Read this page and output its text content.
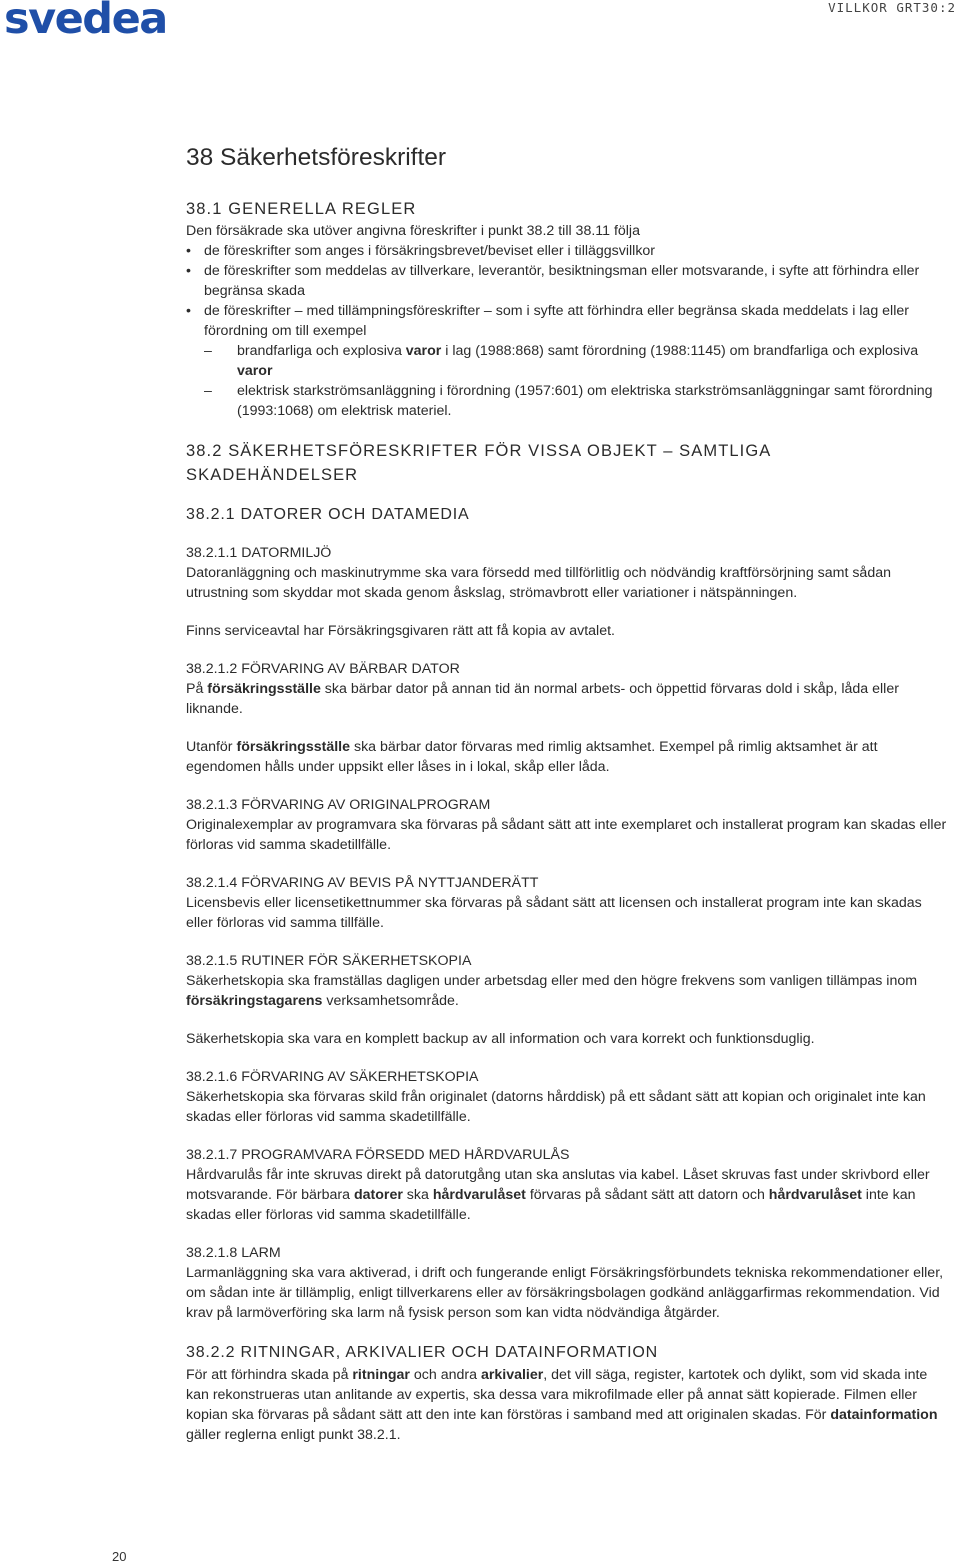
svedea	VILLKOR GRT30:2
38 Säkerhetsföreskrifter
38.1 GENERELLA REGLER

Den försäkrade ska utöver angivna föreskrifter i punkt 38.2 till 38.11 följa

• de föreskrifter som anges i försäkringsbrevet/beviset eller i tilläggsvillkor
• de föreskrifter som meddelas av tillverkare, leverantör, besiktningsman eller motsvarande, i syfte att förhindra eller begränsa skada
• de föreskrifter – med tillämpningsföreskrifter – som i syfte att förhindra eller begränsa skada meddelats i lag eller förordning om till exempel
– brandfarliga och explosiva varor i lag (1988:868) samt förordning (1988:1145) om brandfarliga och explosiva varor
– elektrisk starkströmsanläggning i förordning (1957:601) om elektriska starkströmsanläggningar samt förordning (1993:1068) om elektrisk materiel.
38.2 SÄKERHETSFÖRESKRIFTER FÖR VISSA OBJEKT – SAMTLIGA SKADEHÄNDELSER
38.2.1 DATORER OCH DATAMEDIA
38.2.1.1 DATORMILJÖ

Datoranläggning och maskinutrymme ska vara försedd med tillförlitlig och nödvändig kraftförsörjning samt sådan utrustning som skyddar mot skada genom åskslag, strömavbrott eller variationer i nätspänningen.

Finns serviceavtal har Försäkringsgivaren rätt att få kopia av avtalet.

38.2.1.2 FÖRVARING AV BÄRBAR DATOR

På försäkringsställe ska bärbar dator på annan tid än normal arbets- och öppettid förvaras dold i skåp, låda eller liknande.

Utanför försäkringsställe ska bärbar dator förvaras med rimlig aktsamhet. Exempel på rimlig aktsamhet är att egendomen hålls under uppsikt eller låses in i lokal, skåp eller låda.

38.2.1.3 FÖRVARING AV ORIGINALPROGRAM

Originalexemplar av programvara ska förvaras på sådant sätt att inte exemplaret och installerat program kan skadas eller förloras vid samma skadetillfälle.

38.2.1.4 FÖRVARING AV BEVIS PÅ NYTTJANDERÄTT

Licensbevis eller licensetikettnummer ska förvaras på sådant sätt att licensen och installerat program inte kan skadas eller förloras vid samma tillfälle.

38.2.1.5 RUTINER FÖR SÄKERHETSKOPIA

Säkerhetskopia ska framställas dagligen under arbetsdag eller med den högre frekvens som vanligen tillämpas inom försäkringstagarens verksamhetsområde.

Säkerhetskopia ska vara en komplett backup av all information och vara korrekt och funktionsduglig.

38.2.1.6 FÖRVARING AV SÄKERHETSKOPIA

Säkerhetskopia ska förvaras skild från originalet (datorns hårddisk) på ett sådant sätt att kopian och originalet inte kan skadas eller förloras vid samma skadetillfälle.

38.2.1.7 PROGRAMVARA FÖRSEDD MED HÅRDVARULÅS

Hårdvarulås får inte skruvas direkt på datorutgång utan ska anslutas via kabel. Låset skruvas fast under skrivbord eller motsvarande. För bärbara datorer ska hårdvarulåset förvaras på sådant sätt att datorn och hårdvarulåset inte kan skadas eller förloras vid samma skadetillfälle.

38.2.1.8 LARM

Larmanläggning ska vara aktiverad, i drift och fungerande enligt Försäkringsförbundets tekniska rekommendationer eller, om sådan inte är tillämplig, enligt tillverkarens eller av försäkringsbolagen godkänd anläggarfirmas rekommendation. Vid krav på larmöverföring ska larm nå fysisk person som kan vidta nödvändiga åtgärder.

38.2.2 RITNINGAR, ARKIVALIER OCH DATAINFORMATION

För att förhindra skada på ritningar och andra arkivalier, det vill säga, register, kartotek och dylikt, som vid skada inte kan rekonstrueras utan anlitande av expertis, ska dessa vara mikrofilmade eller på annat sätt kopierade. Filmen eller kopian ska förvaras på sådant sätt att den inte kan förstöras i samband med att originalen skadas. För datainformation gäller reglerna enligt punkt 38.2.1.

20
